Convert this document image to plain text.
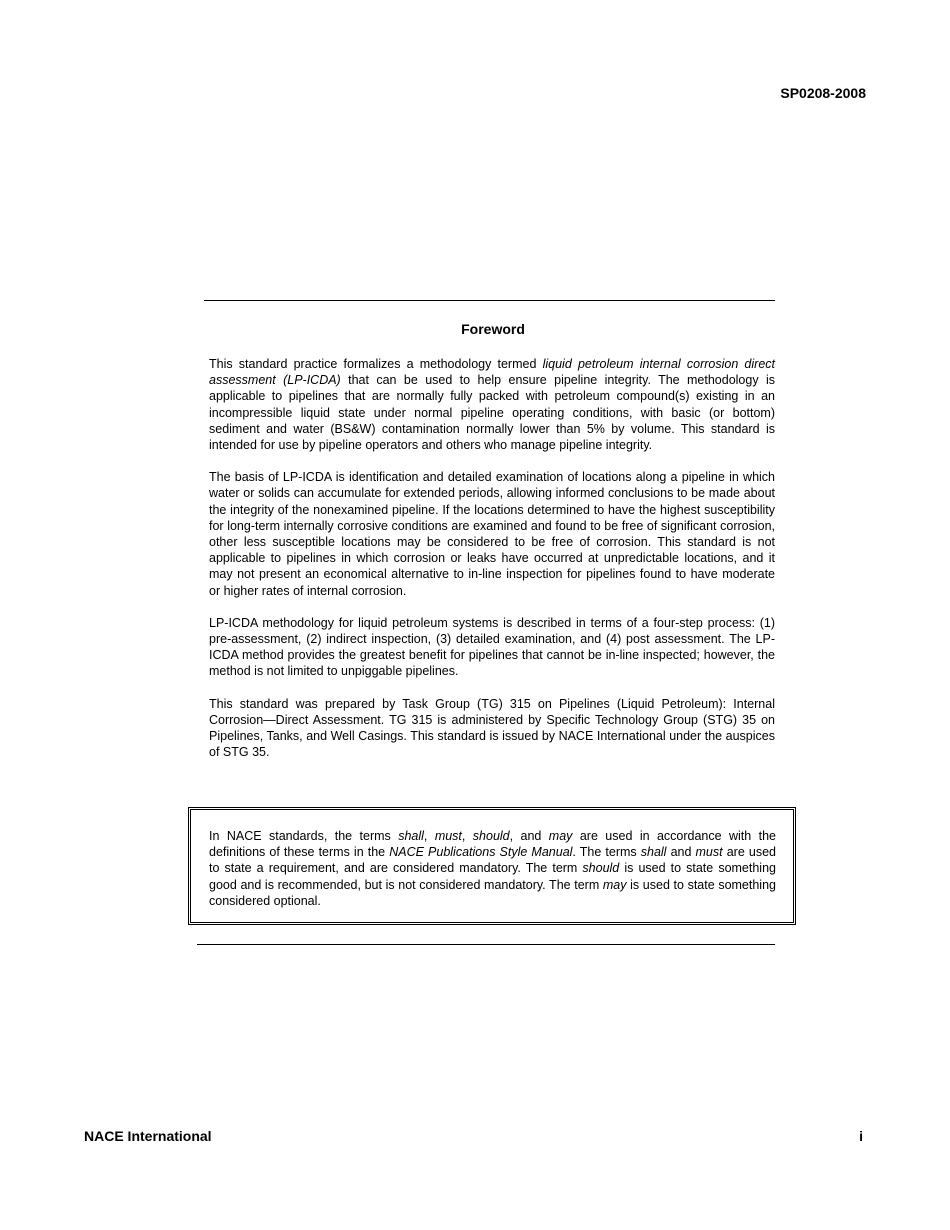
SP0208-2008
Foreword

This standard practice formalizes a methodology termed liquid petroleum internal corrosion direct assessment (LP-ICDA) that can be used to help ensure pipeline integrity. The methodology is applicable to pipelines that are normally fully packed with petroleum compound(s) existing in an incompressible liquid state under normal pipeline operating conditions, with basic (or bottom) sediment and water (BS&W) contamination normally lower than 5% by volume. This standard is intended for use by pipeline operators and others who manage pipeline integrity.

The basis of LP-ICDA is identification and detailed examination of locations along a pipeline in which water or solids can accumulate for extended periods, allowing informed conclusions to be made about the integrity of the nonexamined pipeline. If the locations determined to have the highest susceptibility for long-term internally corrosive conditions are examined and found to be free of significant corrosion, other less susceptible locations may be considered to be free of corrosion. This standard is not applicable to pipelines in which corrosion or leaks have occurred at unpredictable locations, and it may not present an economical alternative to in-line inspection for pipelines found to have moderate or higher rates of internal corrosion.

LP-ICDA methodology for liquid petroleum systems is described in terms of a four-step process: (1) pre-assessment, (2) indirect inspection, (3) detailed examination, and (4) post assessment. The LP-ICDA method provides the greatest benefit for pipelines that cannot be in-line inspected; however, the method is not limited to unpiggable pipelines.

This standard was prepared by Task Group (TG) 315 on Pipelines (Liquid Petroleum): Internal Corrosion—Direct Assessment. TG 315 is administered by Specific Technology Group (STG) 35 on Pipelines, Tanks, and Well Casings. This standard is issued by NACE International under the auspices of STG 35.

In NACE standards, the terms shall, must, should, and may are used in accordance with the definitions of these terms in the NACE Publications Style Manual. The terms shall and must are used to state a requirement, and are considered mandatory. The term should is used to state something good and is recommended, but is not considered mandatory. The term may is used to state something considered optional.
NACE International	i
